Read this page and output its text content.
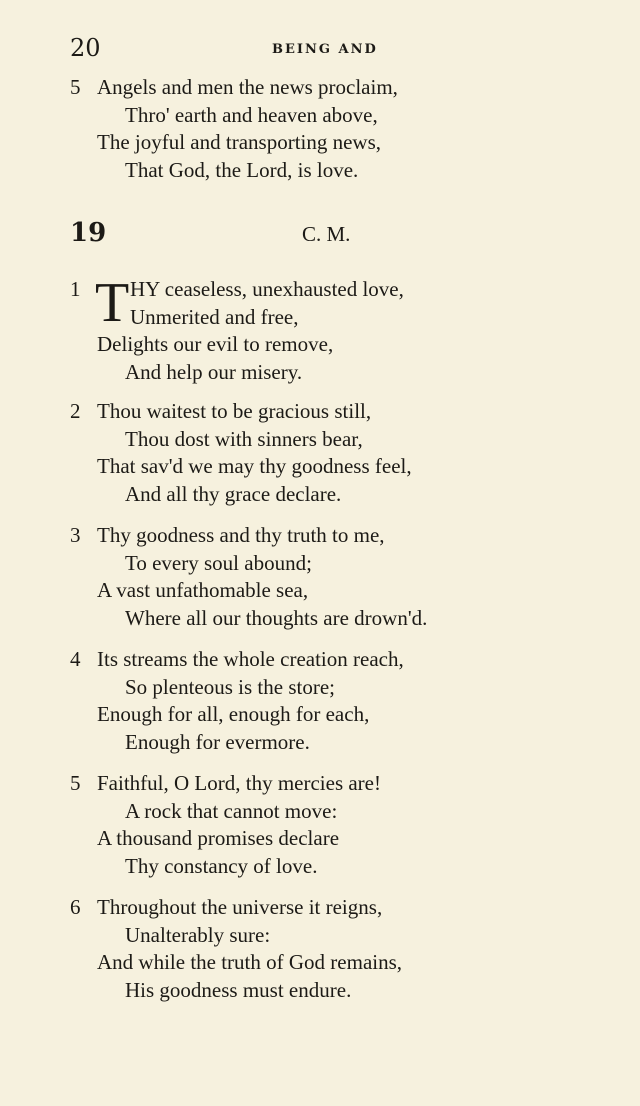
20	BEING AND
5 Angels and men the news proclaim,
Thro' earth and heaven above,
The joyful and transporting news,
That God, the Lord, is love.
19	C. M.
1 T HY ceaseless, unexhausted love,
Unmerited and free,
Delights our evil to remove,
And help our misery.
2 Thou waitest to be gracious still,
Thou dost with sinners bear,
That sav'd we may thy goodness feel,
And all thy grace declare.
3 Thy goodness and thy truth to me,
To every soul abound;
A vast unfathomable sea,
Where all our thoughts are drown'd.
4 Its streams the whole creation reach,
So plenteous is the store;
Enough for all, enough for each,
Enough for evermore.
5 Faithful, O Lord, thy mercies are!
A rock that cannot move:
A thousand promises declare
Thy constancy of love.
6 Throughout the universe it reigns,
Unalterably sure:
And while the truth of God remains,
His goodness must endure.
